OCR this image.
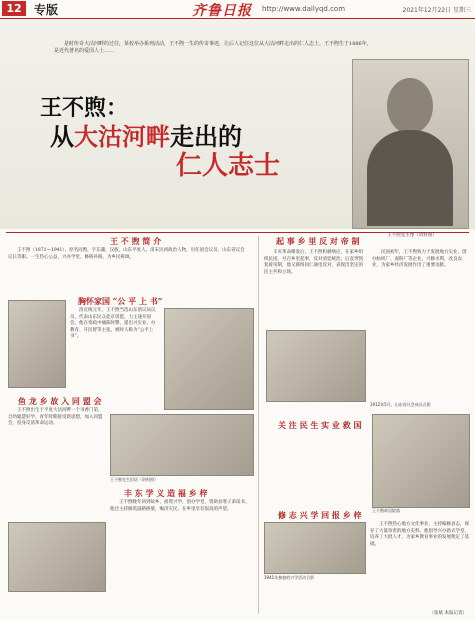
12	专版	齐鲁日报 http://www.dailyqd.com	2021年12月22日 星期三
是时传奇大沽河畔的过往，某校举办系列活动，王不煦一生的传奇事迹，让后人记住这位从大沽河畔走出的仁人志士。王不煦生于1886年，是近代著名的爱国人士……
王不煦：
从大沽河畔走出的
仁人志士
王不煦先生像（资料图）
王 不 煦 简 介

王不煦（1871—1941），原名同煦，字东藩，汉族，山东平度人。清末民初政治人物，历任国会议员、山东省议会议长等职。一生热心公益，兴办学堂，修桥补路，为乡民称颂。

胸怀家国 “公 平 上 书”

清宣统元年，王不煦当选山东谘议局议员，代表山东民众赴京请愿，力主速开国会。他在奏疏中痛陈时弊，提出兴实业、办教育、开民智等主张，被时人称为“公平上书”。

起 事 乡 里 反 对 帝 制

辛亥革命爆发后，王不煦积极响应，在家乡组织民团，号召乡里起事，反对清廷统治。后袁世凯复辟帝制，他又联络同仁通电反对，表现出坚定的民主共和立场。

民国初年，王不煦致力于发展地方实业，创办纺织厂、面粉厂等企业，兴修水利，改良农业，为家乡经济发展作出了重要贡献。

1912年5月，山东省议会成员合影
鱼 龙 乡 故 入 同 盟 会

王不煦出生于平度大沽河畔一个书香门第，自幼聪慧好学。青年时期接受新思想，加入同盟会，投身反清革命运动。

王不煦先生旧居（资料图）
关 注 民 生 实 业 救 国
王不煦故居院落
丰 东 学 义 造 福 乡 梓

王不煦晚年回到故乡，捐资兴学，创办学堂，资助贫寒子弟读书。他还主持修筑道路桥梁，赈济灾民，在乡里享有很高的声望。

修 志 兴 学 回 报 乡 梓
1941年参加的兴学活动合影

王不煦热心地方文化事业，主持编修县志，保存了大量珍贵的地方史料。他倡导兴办新式学堂，培养了大批人才，为家乡教育事业的发展奠定了基础。

（张斌 本报记者）
